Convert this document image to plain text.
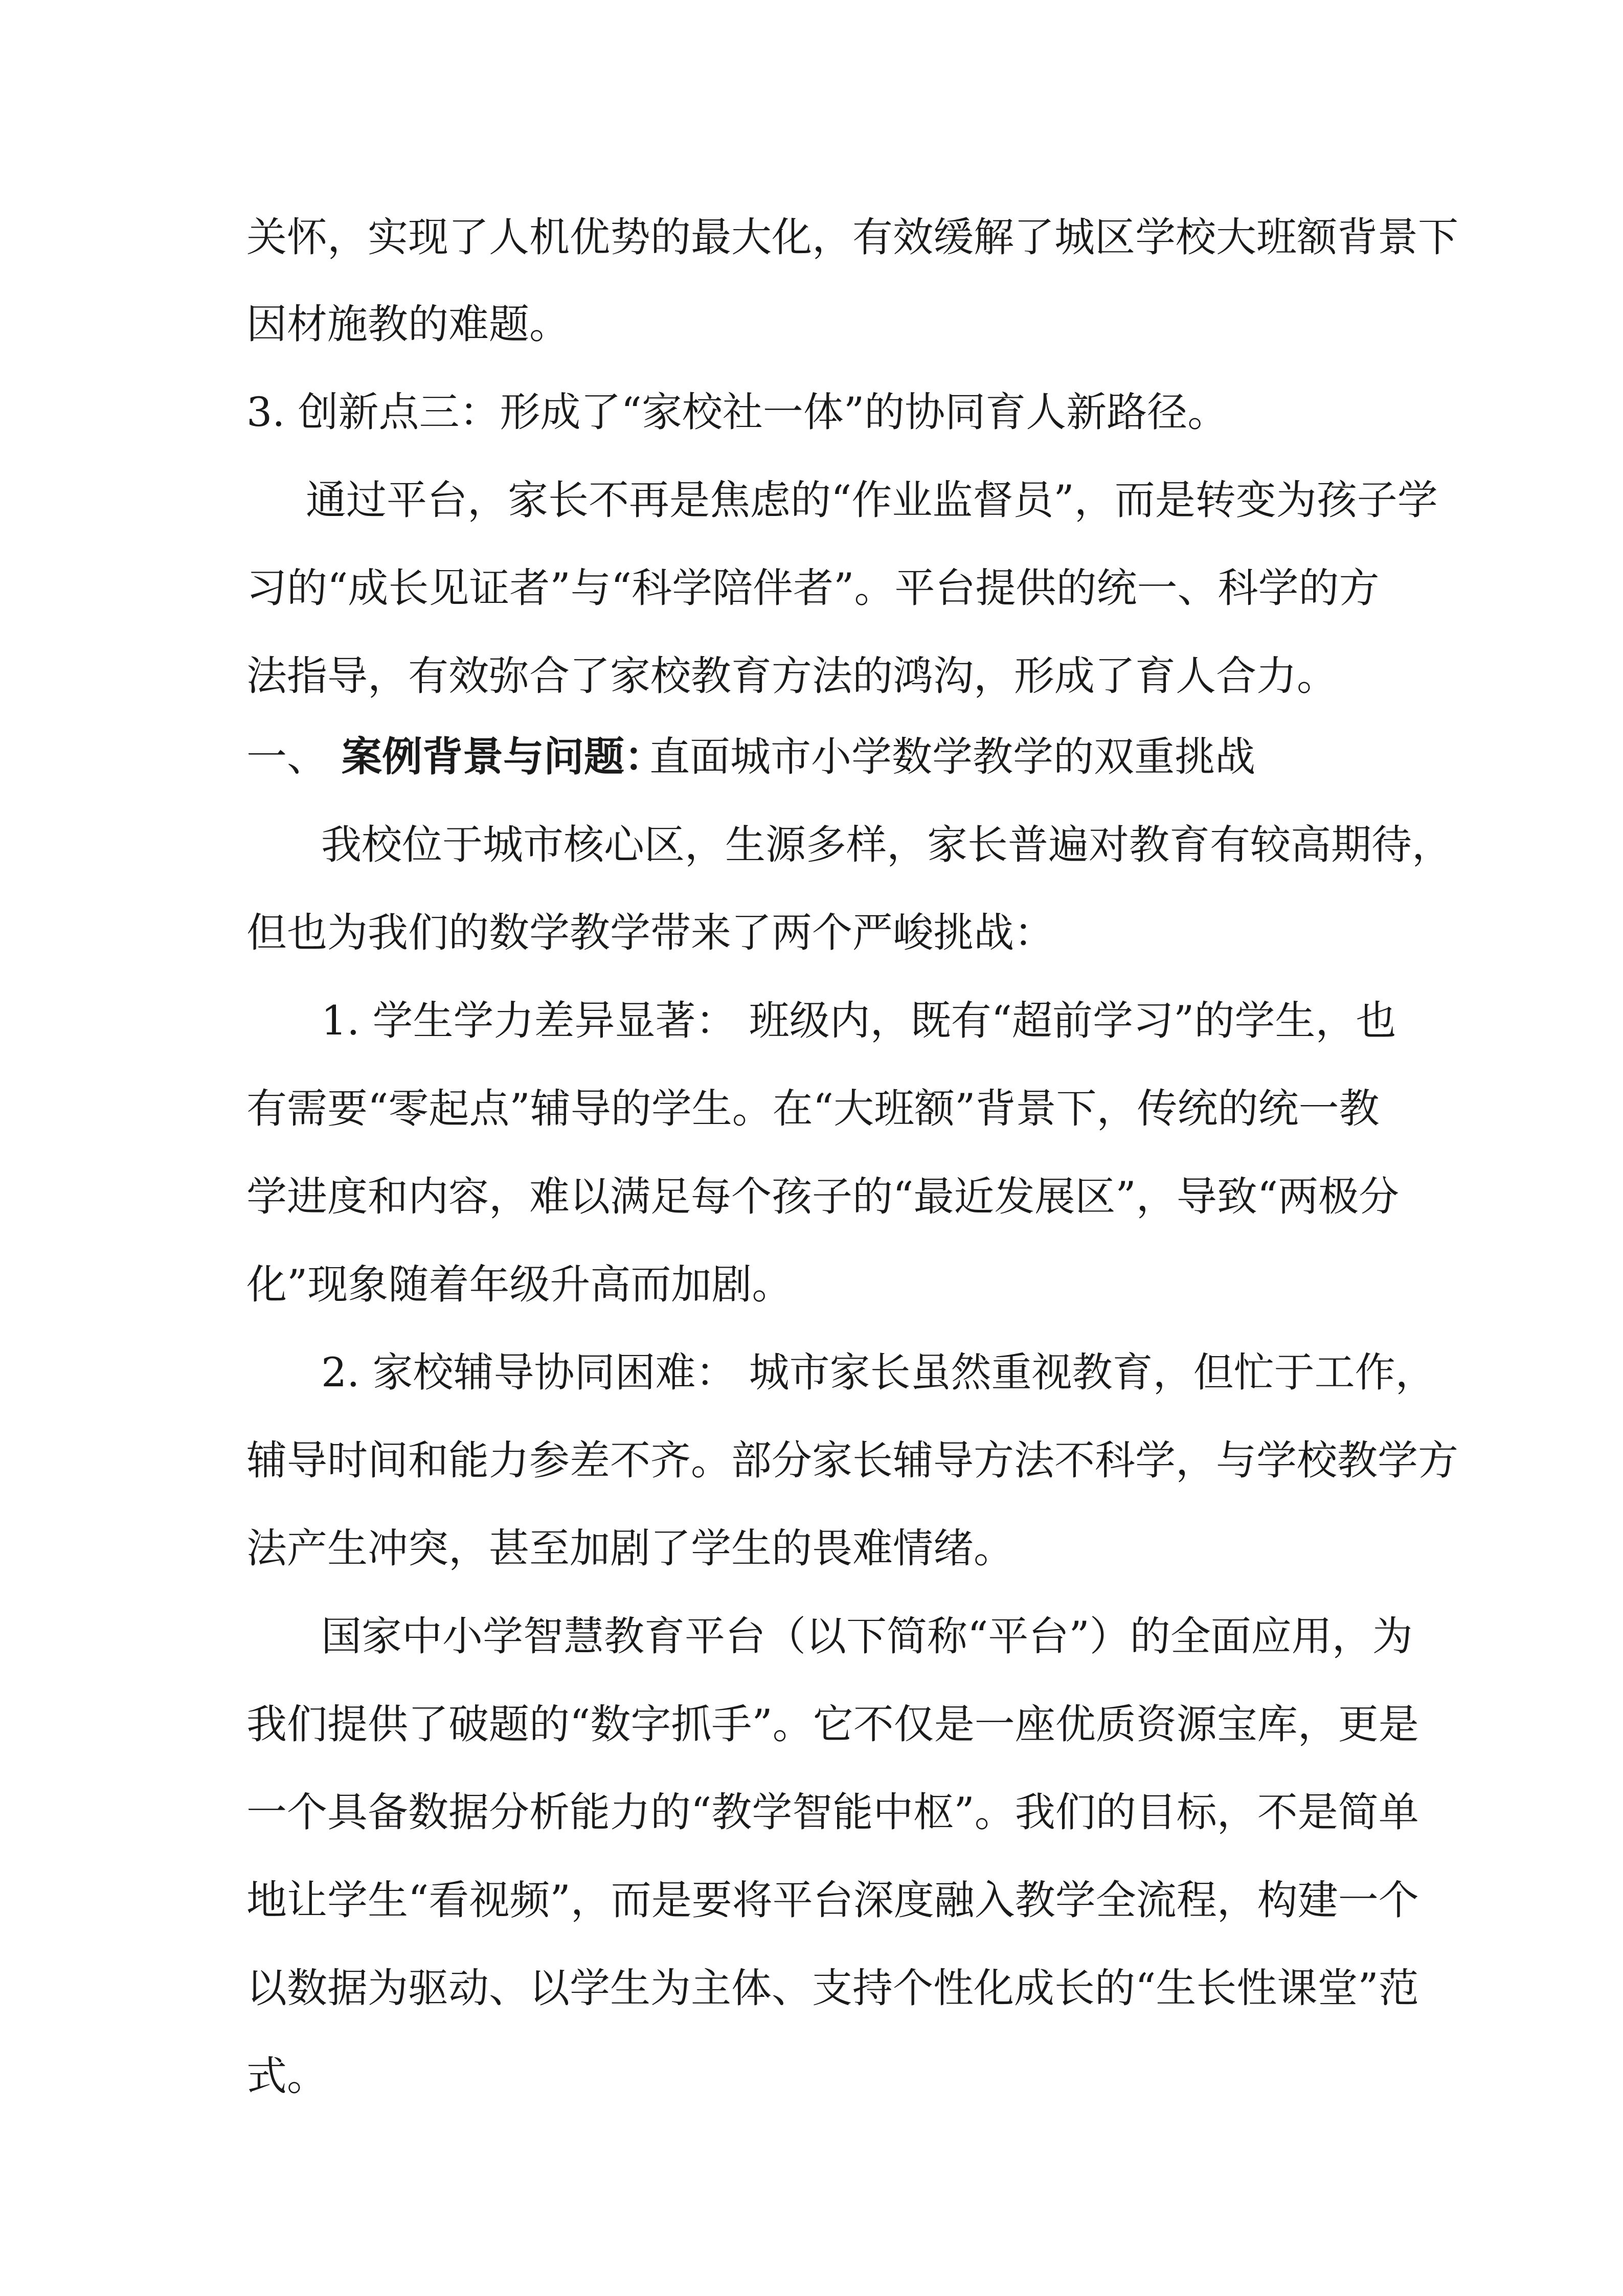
关怀，实现了人机优势的最大化，有效缓解了城区学校大班额背景下
因材施教的难题。
3. 创新点三：形成了“家校社一体”的协同育人新路径。
通过平台，家长不再是焦虑的“作业监督员”，而是转变为孩子学
习的“成长见证者”与“科学陪伴者”。平台提供的统一、科学的方
法指导，有效弥合了家校教育方法的鸿沟，形成了育人合力。
一、 案例背景与问题：
直面城市小学数学教学的双重挑战
我校位于城市核心区，生源多样，家长普遍对教育有较高期待，
但也为我们的数学教学带来了两个严峻挑战：
1. 学生学力差异显著： 班级内，既有“超前学习”的学生，也
有需要“零起点”辅导的学生。在“大班额”背景下，传统的统一教
学进度和内容，难以满足每个孩子的“最近发展区”，导致“两极分
化”现象随着年级升高而加剧。
2. 家校辅导协同困难： 城市家长虽然重视教育，但忙于工作，
辅导时间和能力参差不齐。部分家长辅导方法不科学，与学校教学方
法产生冲突，甚至加剧了学生的畏难情绪。
国家中小学智慧教育平台（以下简称“平台”）的全面应用，为
我们提供了破题的“数字抓手”。它不仅是一座优质资源宝库，更是
一个具备数据分析能力的“教学智能中枢”。我们的目标，不是简单
地让学生“看视频”，而是要将平台深度融入教学全流程，构建一个
以数据为驱动、以学生为主体、支持个性化成长的“生长性课堂”范
式。
